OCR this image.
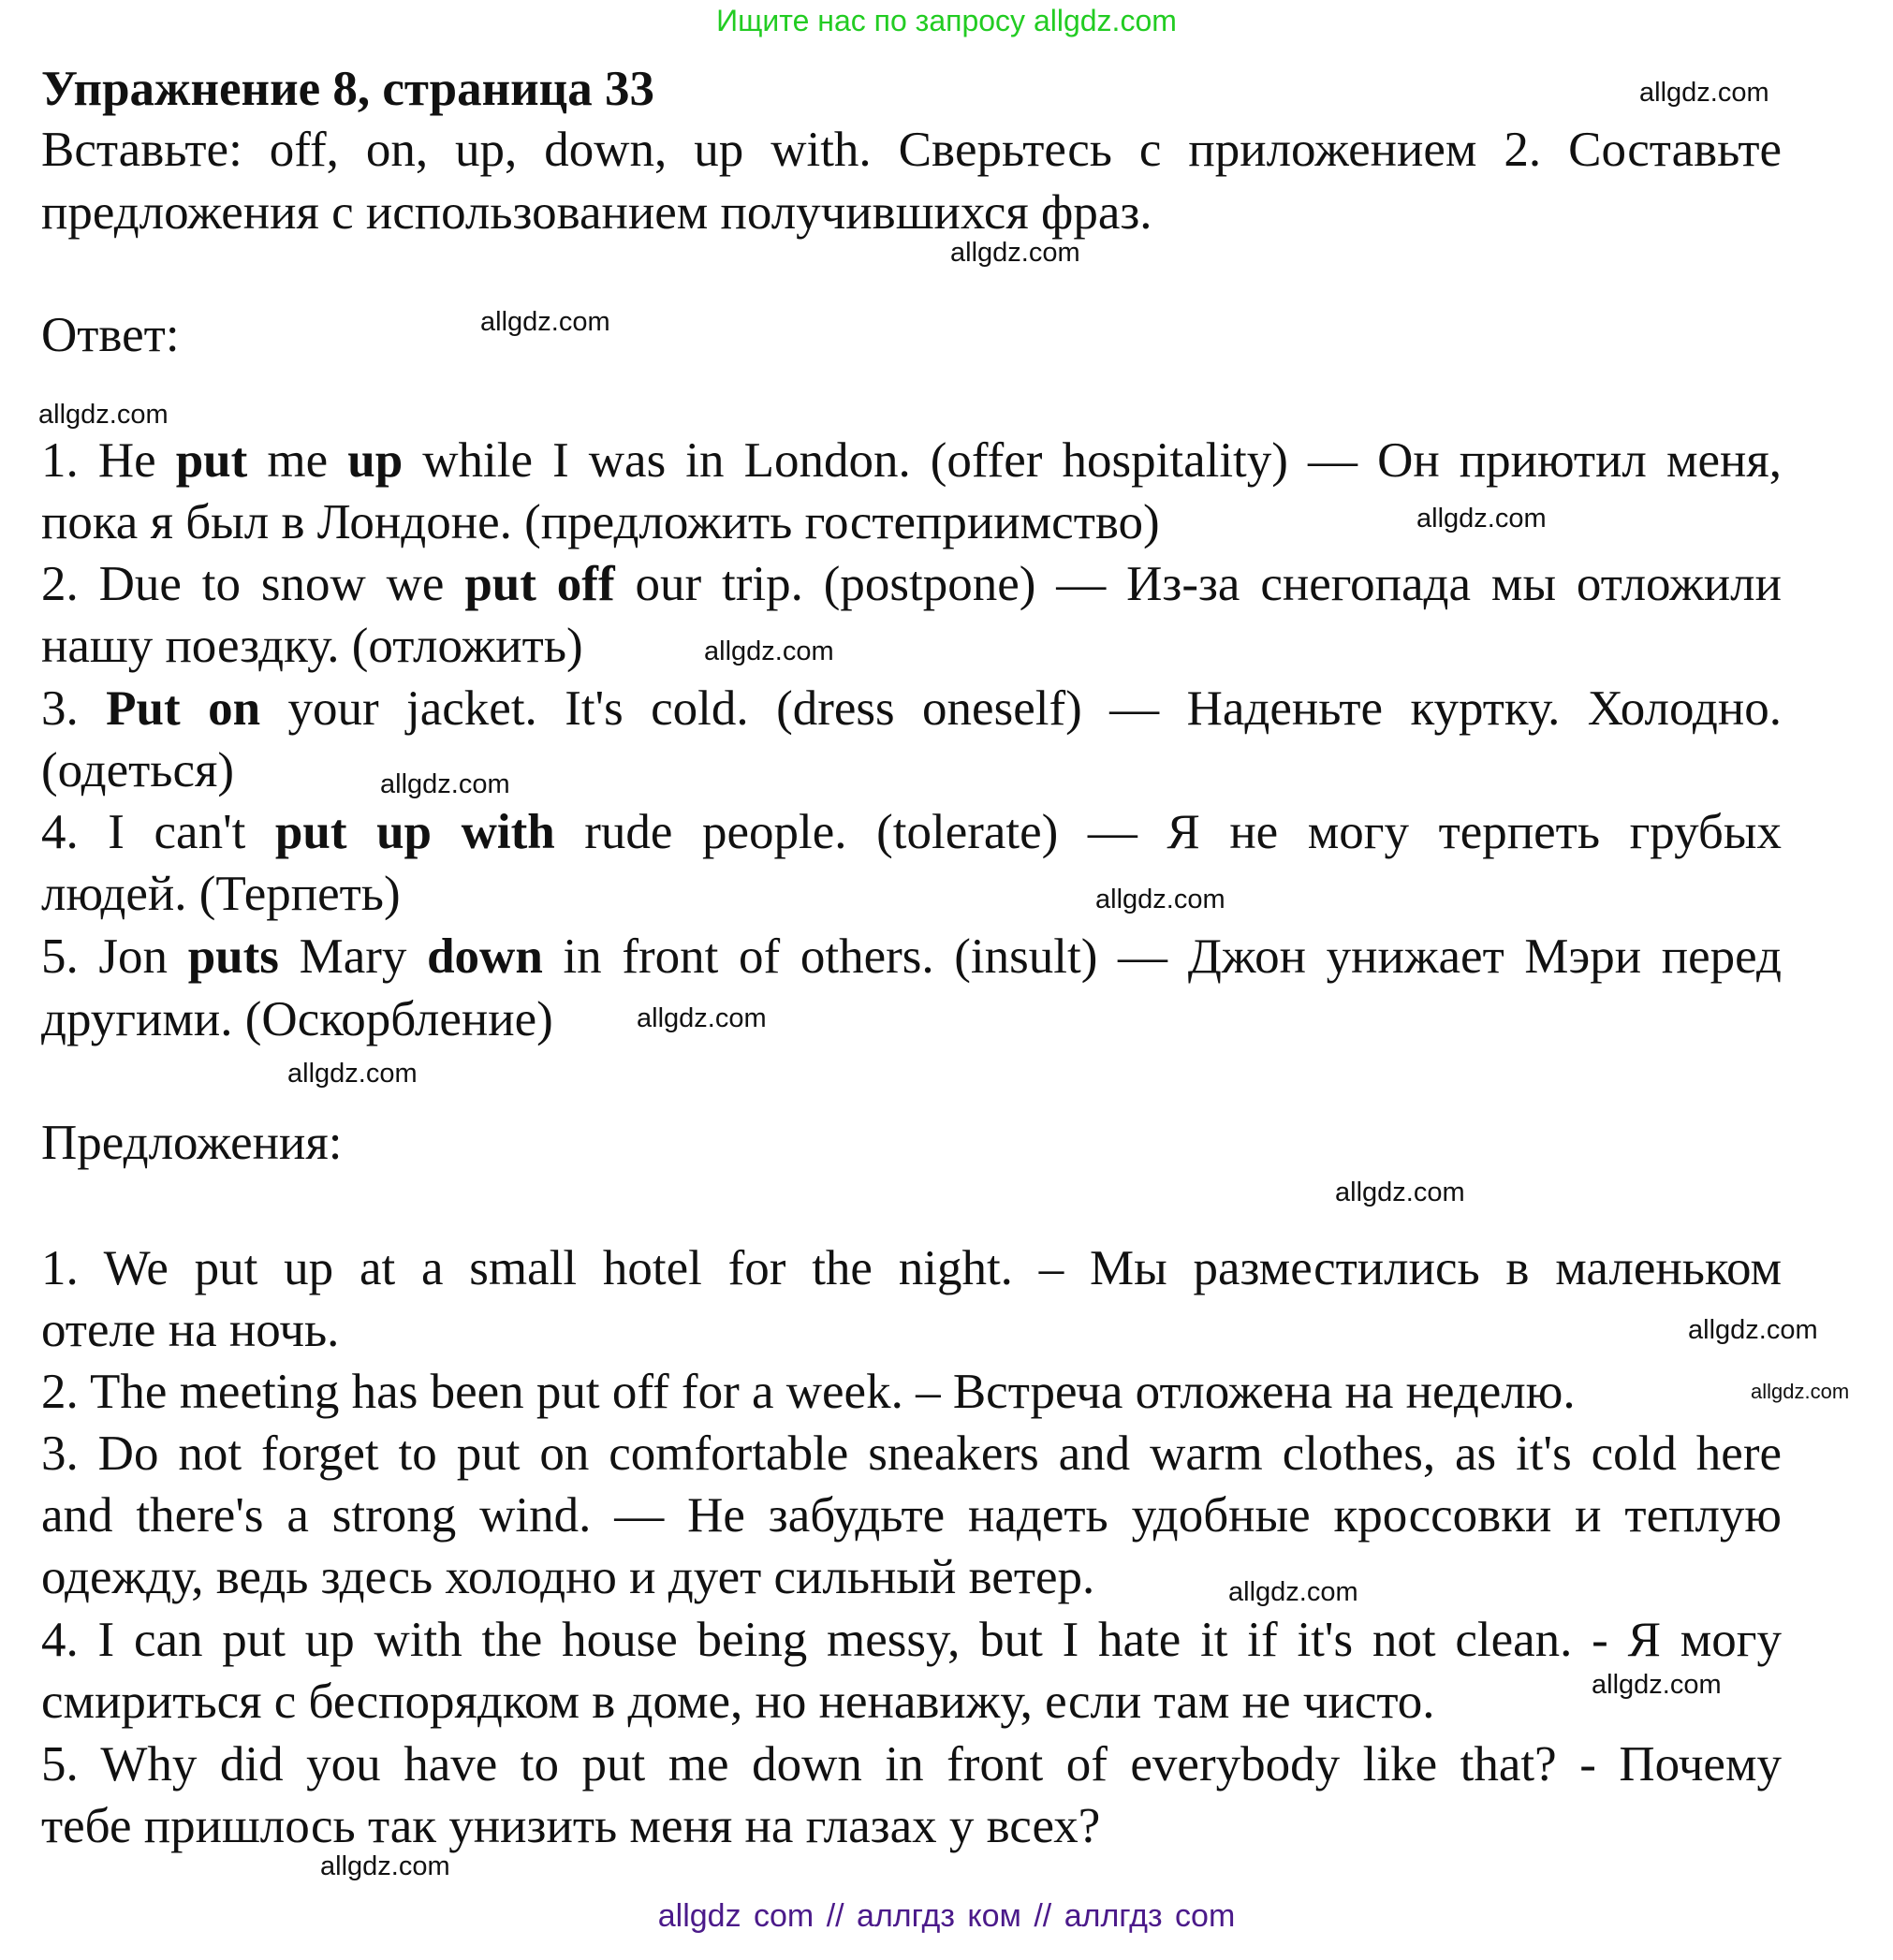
Ищите нас по запросу allgdz.com
Упражнение 8, страница 33
Вставьте: off, on, up, down, up with. Свeрьтесь с приложением 2. Составьте
предложения с использованием получившихся фраз.
Ответ:
1. He put me up while I was in London. (offer hospitality) — Он приютил меня,
пока я был в Лондоне. (предложить гостеприимство)
2. Due to snow we put off our trip. (postpone) — Из-за снегопада мы отложили
нашу поездку. (отложить)
3. Put on your jacket. It's cold. (dress oneself) — Наденьте куртку. Холодно.
(одеться)
4. I can't put up with rude people. (tolerate) — Я не могу терпеть грубых
людей. (Терпеть)
5. Jon puts Mary down in front of others. (insult) — Джон унижает Мэри перед
другими. (Оскорбление)
Предложения:
1. We put up at a small hotel for the night. – Мы разместились в маленьком
отеле на ночь.
2. The meeting has been put off for a week. – Встреча отложена на неделю.
3. Do not forget to put on comfortable sneakers and warm clothes, as it's cold here
and there's a strong wind. — Не забудьте надеть удобные кроссовки и теплую
одежду, ведь здесь холодно и дует сильный ветер.
4. I can put up with the house being messy, but I hate it if it's not clean. - Я могу
смириться с беспорядком в доме, но ненавижу, если там не чисто.
5. Why did you have to put me down in front of everybody like that? - Почему
тебе пришлось так унизить меня на глазах у всех?
allgdz.com
allgdz.com
allgdz.com
allgdz.com
allgdz.com
allgdz.com
allgdz.com
allgdz.com
allgdz.com
allgdz.com
allgdz.com
allgdz.com
allgdz.com
allgdz.com
allgdz.com
allgdz.com
allgdz com // аллгдз ком // аллгдз com
